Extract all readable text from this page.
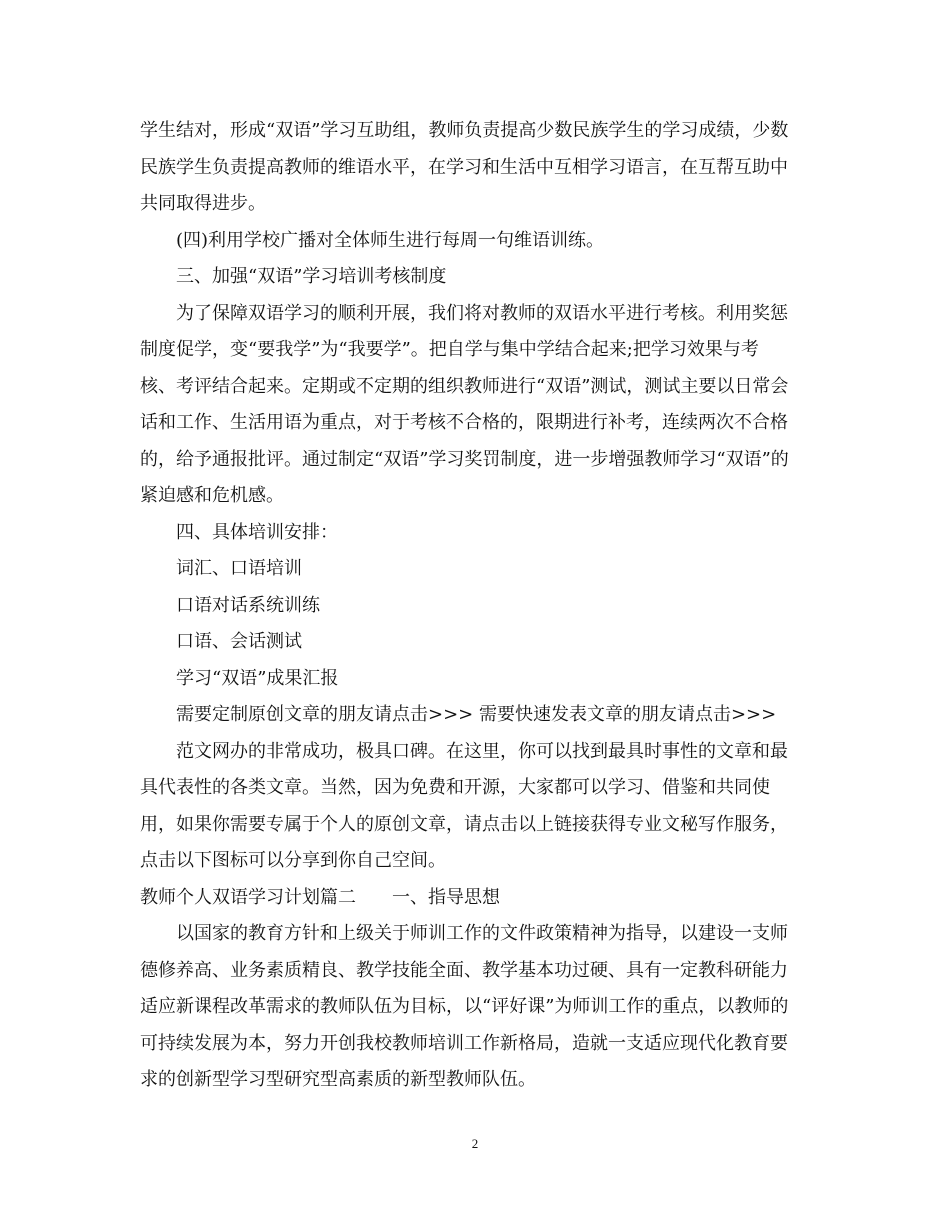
学生结对，形成“双语”学习互助组，教师负责提高少数民族学生的学习成绩，少数
民族学生负责提高教师的维语水平，在学习和生活中互相学习语言，在互帮互助中
共同取得进步。
(四)利用学校广播对全体师生进行每周一句维语训练。
三、加强“双语”学习培训考核制度
为了保障双语学习的顺利开展，我们将对教师的双语水平进行考核。利用奖惩
制度促学，变“要我学”为“我要学”。把自学与集中学结合起来;把学习效果与考
核、考评结合起来。定期或不定期的组织教师进行“双语”测试，测试主要以日常会
话和工作、生活用语为重点，对于考核不合格的，限期进行补考，连续两次不合格
的，给予通报批评。通过制定“双语”学习奖罚制度，进一步增强教师学习“双语”的
紧迫感和危机感。
四、具体培训安排：
词汇、口语培训
口语对话系统训练
口语、会话测试
学习“双语”成果汇报
需要定制原创文章的朋友请点击>>> 需要快速发表文章的朋友请点击>>>
范文网办的非常成功，极具口碑。在这里，你可以找到最具时事性的文章和最
具代表性的各类文章。当然，因为免费和开源，大家都可以学习、借鉴和共同使
用，如果你需要专属于个人的原创文章，请点击以上链接获得专业文秘写作服务，
点击以下图标可以分享到你自己空间。
教师个人双语学习计划篇二　　一、指导思想
以国家的教育方针和上级关于师训工作的文件政策精神为指导，以建设一支师
德修养高、业务素质精良、教学技能全面、教学基本功过硬、具有一定教科研能力
适应新课程改革需求的教师队伍为目标，以“评好课”为师训工作的重点，以教师的
可持续发展为本，努力开创我校教师培训工作新格局，造就一支适应现代化教育要
求的创新型学习型研究型高素质的新型教师队伍。
2
